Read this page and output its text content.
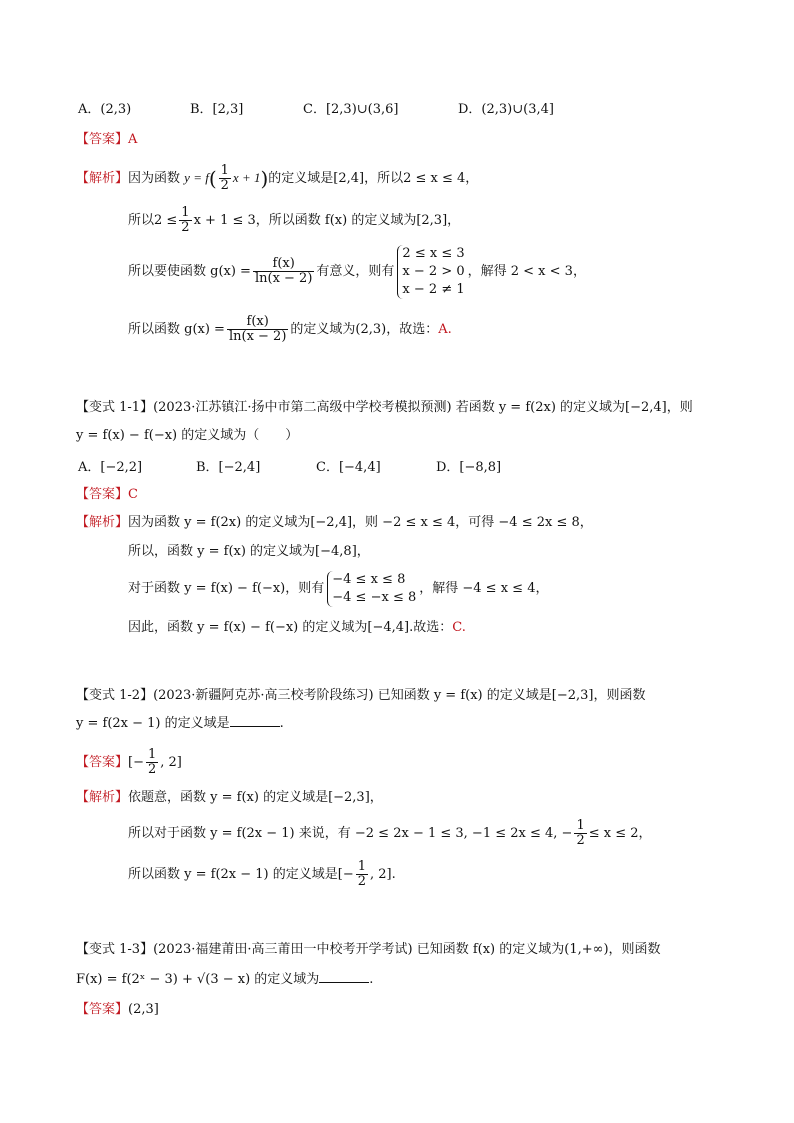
A．(2,3)	B．[2,3]	C．[2,3)∪(3,6]	D．(2,3)∪(3,4]
【答案】A
【解析】因为函数 $y = f( \frac{1}{2}$ x + 1)的定义域是[2,4]，所以2 ≤ x ≤ 4，
所以$2 \le \frac{1}{2}$ x + 1 ≤ 3，所以函数 f(x) 的定义域为[2,3]，
所以要使函数 $g(x) = \frac{f(x)}{\ln(x - 2)}$ 有意义，则有
2 ≤ x ≤ 3
x − 2 > 0
x − 2 ≠ 1
，解得 2 < x < 3，
所以函数 $g(x) = \frac{f(x)}{\ln(x - 2)}$ 的定义域为(2,3)，故选：A.
【变式 1-1】(2023·江苏镇江·扬中市第二高级中学校考模拟预测) 若函数 y = f(2x) 的定义域为[−2,4]，则
y = f(x) − f(−x) 的定义域为（　　）
A．[−2,2]	B．[−2,4]	C．[−4,4]	D．[−8,8]
【答案】C
【解析】因为函数 y = f(2x) 的定义域为[−2,4]，则 −2 ≤ x ≤ 4，可得 −4 ≤ 2x ≤ 8，
所以，函数 y = f(x) 的定义域为[−4,8]，
对于函数 y = f(x) − f(−x)，则有
−4 ≤ x ≤ 8
−4 ≤ −x ≤ 8
，解得 −4 ≤ x ≤ 4，
因此，函数 y = f(x) − f(−x) 的定义域为[−4,4].故选：C.
【变式 1-2】(2023·新疆阿克苏·高三校考阶段练习) 已知函数 y = f(x) 的定义域是[−2,3]，则函数
y = f(2x − 1) 的定义域是	.
【答案】[− $\frac{1}{2}$ , 2]
【解析】依题意，函数 y = f(x) 的定义域是[−2,3]，
所以对于函数 y = f(2x − 1) 来说，有 −2 ≤ 2x − 1 ≤ 3, −1 ≤ 2x ≤ 4, − $\frac{1}{2} \le x \le 2$，
所以函数 y = f(2x − 1) 的定义域是[− $\frac{1}{2}$ , 2].
【变式 1-3】(2023·福建莆田·高三莆田一中校考开学考试) 已知函数 f(x) 的定义域为(1,+∞)，则函数
F(x) = f(2ˣ − 3) + √(3 − x) 的定义域为	.
【答案】(2,3]
